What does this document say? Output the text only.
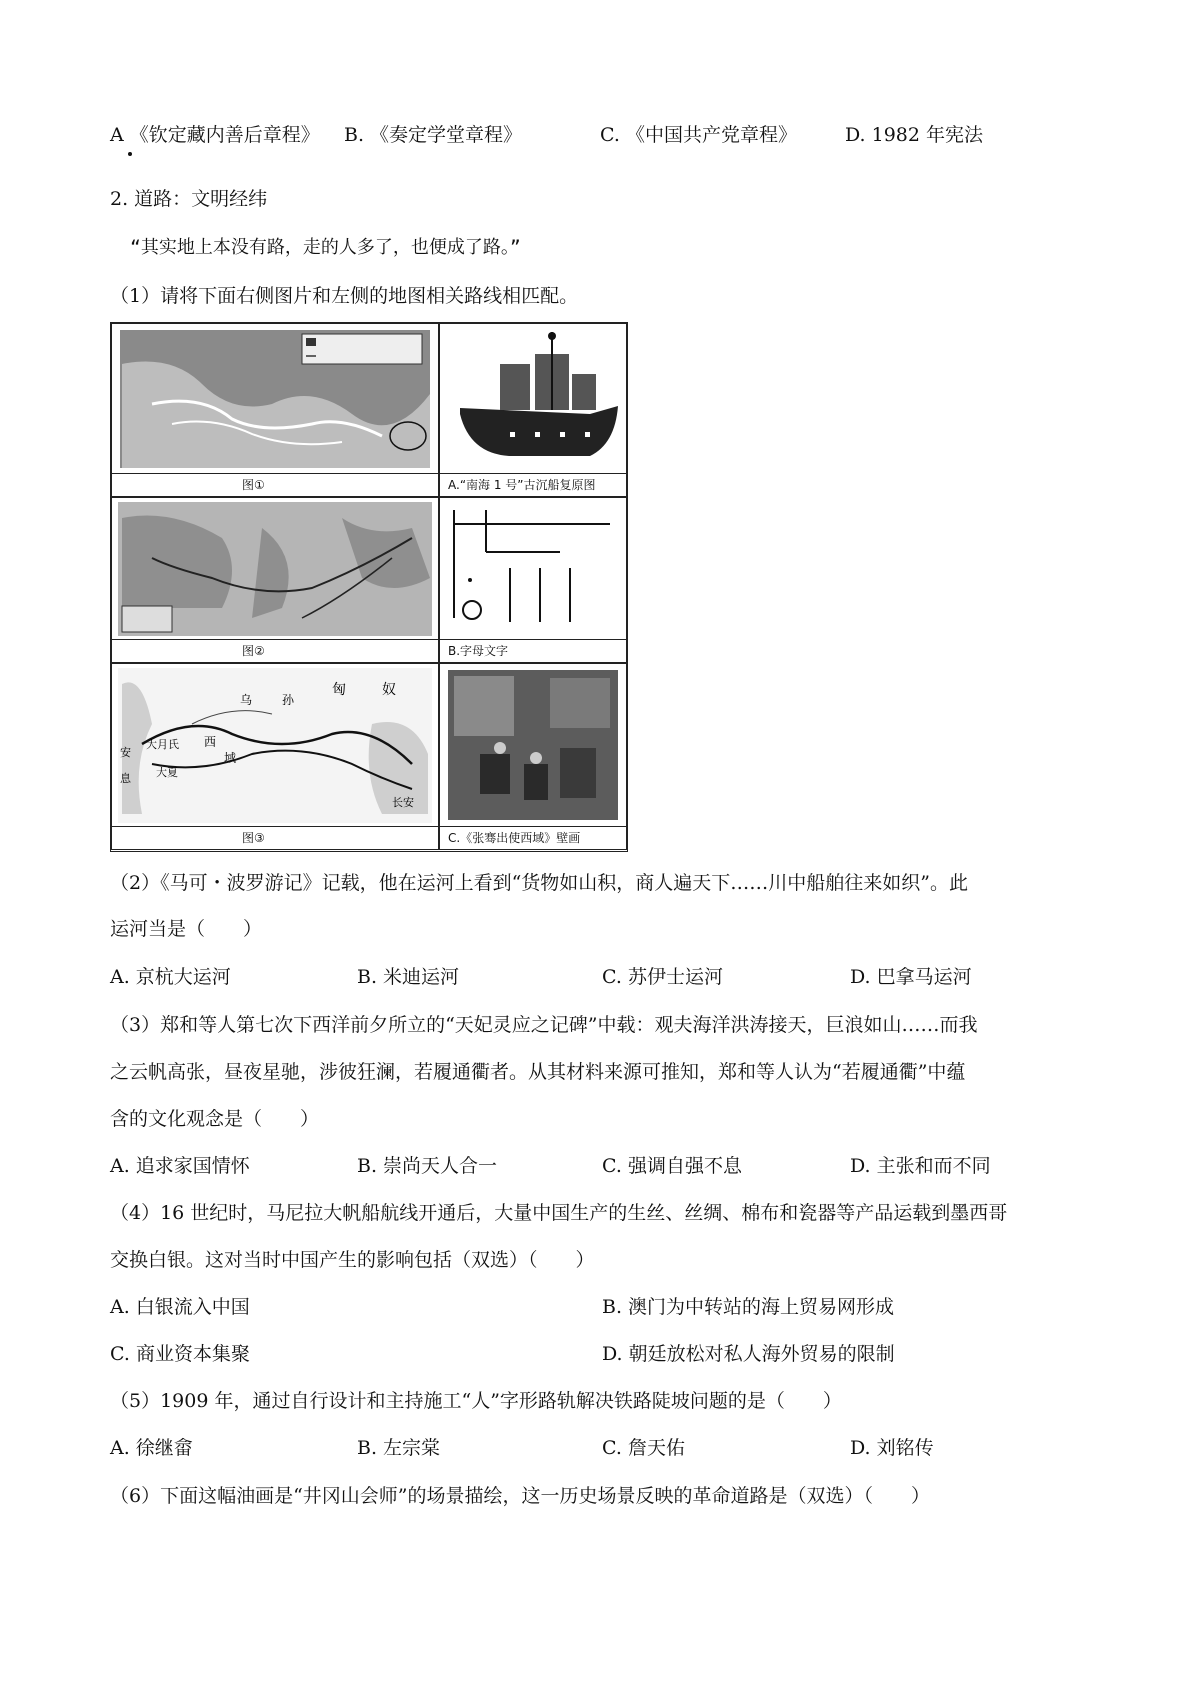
A 《钦定藏内善后章程》 B. 《奏定学堂章程》	C. 《中国共产党章程》	D. 1982 年宪法
2. 道路：文明经纬
“其实地上本没有路，走的人多了，也便成了路。”
（1）请将下面右侧图片和左侧的地图相关路线相匹配。
图①	A.“南海 1 号”古沉船复原图
图②	B.字母文字
乌 孙
匈	奴
大月氏
大夏
安
息
长安
西
域
图③	C.《张骞出使西域》壁画
（2）《马可・波罗游记》记载，他在运河上看到“货物如山积，商人遍天下……川中船舶往来如织”。此
运河当是（　　）
A. 京杭大运河	B. 米迪运河	C. 苏伊士运河	D. 巴拿马运河
（3）郑和等人第七次下西洋前夕所立的“天妃灵应之记碑”中载：观夫海洋洪涛接天，巨浪如山……而我
之云帆高张，昼夜星驰，涉彼狂澜，若履通衢者。从其材料来源可推知，郑和等人认为“若履通衢”中蕴
含的文化观念是（　　）
A. 追求家国情怀	B. 崇尚天人合一	C. 强调自强不息	D. 主张和而不同
（4）16 世纪时，马尼拉大帆船航线开通后，大量中国生产的生丝、丝绸、棉布和瓷器等产品运载到墨西哥
交换白银。这对当时中国产生的影响包括（双选）（　　）
A. 白银流入中国	B. 澳门为中转站的海上贸易网形成
C. 商业资本集聚	D. 朝廷放松对私人海外贸易的限制
（5）1909 年，通过自行设计和主持施工“人”字形路轨解决铁路陡坡问题的是（　　）
A. 徐继畲	B. 左宗棠	C. 詹天佑	D. 刘铭传
（6）下面这幅油画是“井冈山会师”的场景描绘，这一历史场景反映的革命道路是（双选）（　　）
